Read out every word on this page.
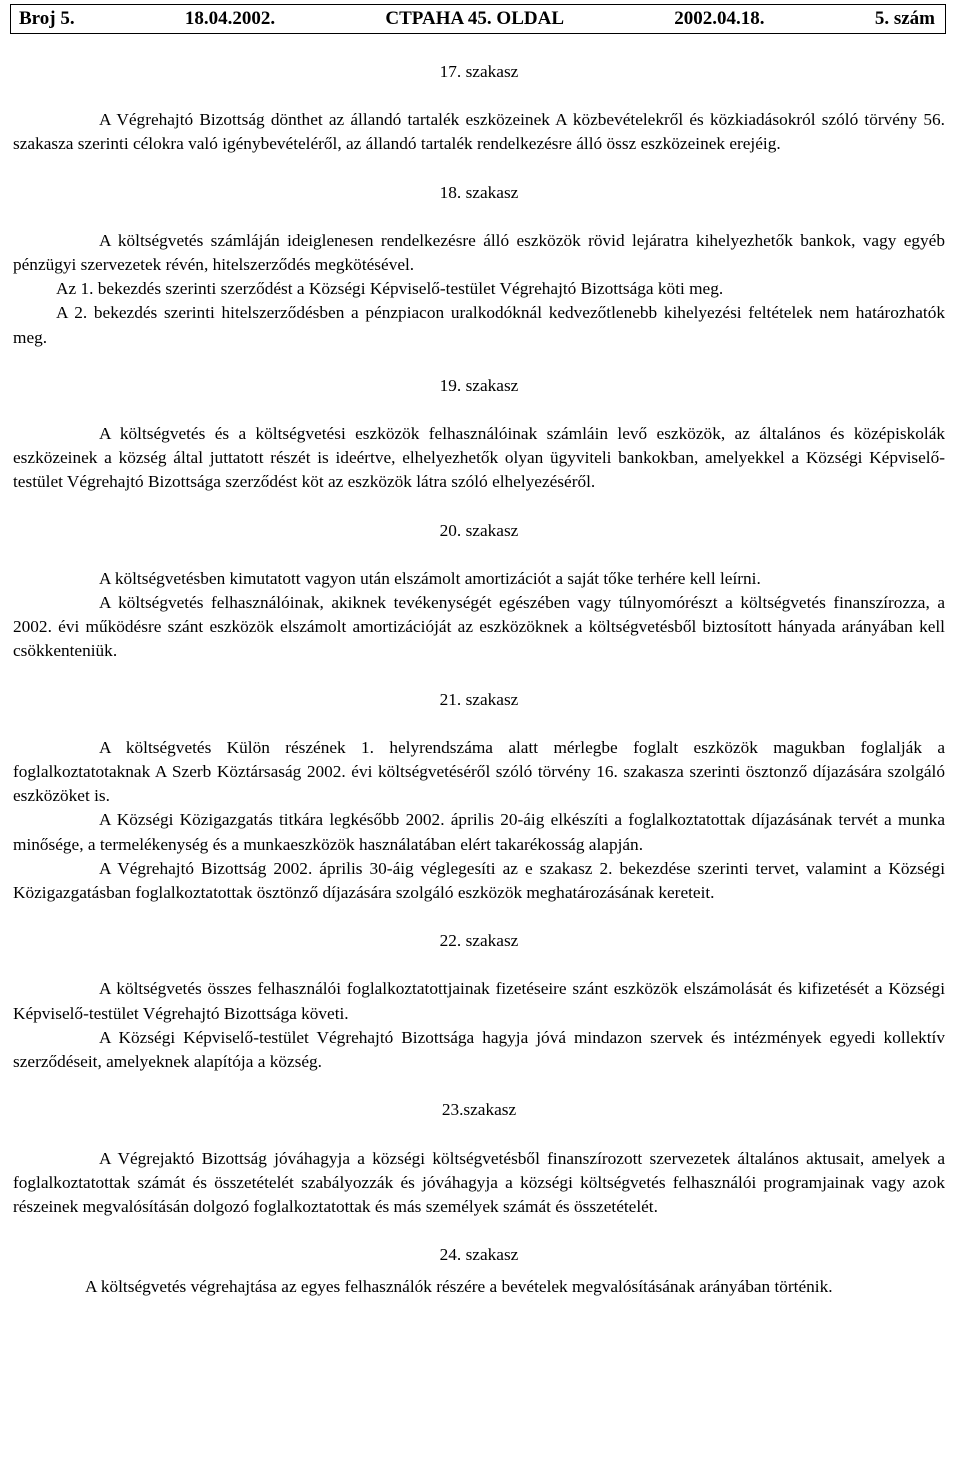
Broj 5.	18.04.2002.	CTPAHA 45. OLDAL	2002.04.18.	5. szám

17. szakasz

A Végrehajtó Bizottság dönthet az állandó tartalék eszközeinek A közbevételekről és közkiadásokról szóló törvény 56. szakasza szerinti célokra való igénybevételéről, az állandó tartalék rendelkezésre álló össz eszközeinek erejéig.

18. szakasz

A költségvetés számláján ideiglenesen rendelkezésre álló eszközök rövid lejáratra kihelyezhetők bankok, vagy egyéb pénzügyi szervezetek révén, hitelszerződés megkötésével.

Az 1. bekezdés szerinti szerződést a Községi Képviselő-testület Végrehajtó Bizottsága köti meg.

A 2. bekezdés szerinti hitelszerződésben a pénzpiacon uralkodóknál kedvezőtlenebb kihelyezési feltételek nem határozhatók meg.

19. szakasz

A költségvetés és a költségvetési eszközök felhasználóinak számláin levő eszközök, az általános és középiskolák eszközeinek a község által juttatott részét is ideértve, elhelyezhetők olyan ügyviteli bankokban, amelyekkel a Községi Képviselő-testület Végrehajtó Bizottsága szerződést köt az eszközök látra szóló elhelyezéséről.

20. szakasz

A költségvetésben kimutatott vagyon után elszámolt amortizációt a saját tőke terhére kell leírni.

A költségvetés felhasználóinak, akiknek tevékenységét egészében vagy túlnyomórészt a költségvetés finanszírozza, a 2002. évi működésre szánt eszközök elszámolt amortizációját az eszközöknek a költségvetésből biztosított hányada arányában kell csökkenteniük.

21. szakasz

A költségvetés Külön részének 1. helyrendszáma alatt mérlegbe foglalt eszközök magukban foglalják a foglalkoztatotaknak A Szerb Köztársaság 2002. évi költségvetéséről szóló törvény 16. szakasza szerinti ösztonző díjazására szolgáló eszközöket is.

A Községi Közigazgatás titkára legkésőbb 2002. április 20-áig elkészíti a foglalkoztatottak díjazásának tervét a munka minősége, a termelékenység és a munkaeszközök használatában elért takarékosság alapján.

A Végrehajtó Bizottság 2002. április 30-áig véglegesíti az e szakasz 2. bekezdése szerinti tervet, valamint a Községi Közigazgatásban foglalkoztatottak ösztönző díjazására szolgáló eszközök meghatározásának kereteit.

22. szakasz

A költségvetés összes felhasználói foglalkoztatottjainak fizetéseire szánt eszközök elszámolását és kifizetését a Községi Képviselő-testület Végrehajtó Bizottsága követi.

A Községi Képviselő-testület Végrehajtó Bizottsága hagyja jóvá mindazon szervek és intézmények egyedi kollektív szerződéseit, amelyeknek alapítója a község.

23.szakasz

A Végrejaktó Bizottság jóváhagyja a községi költségvetésből finanszírozott szervezetek általános aktusait, amelyek a foglalkoztatottak számát és összetételét szabályozzák és jóváhagyja a községi költségvetés felhasználói programjainak vagy azok részeinek megvalósításán dolgozó foglalkoztatottak és más személyek számát és összetételét.

24. szakasz

A költségvetés végrehajtása az egyes felhasználók részére a bevételek megvalósításának arányában történik.
